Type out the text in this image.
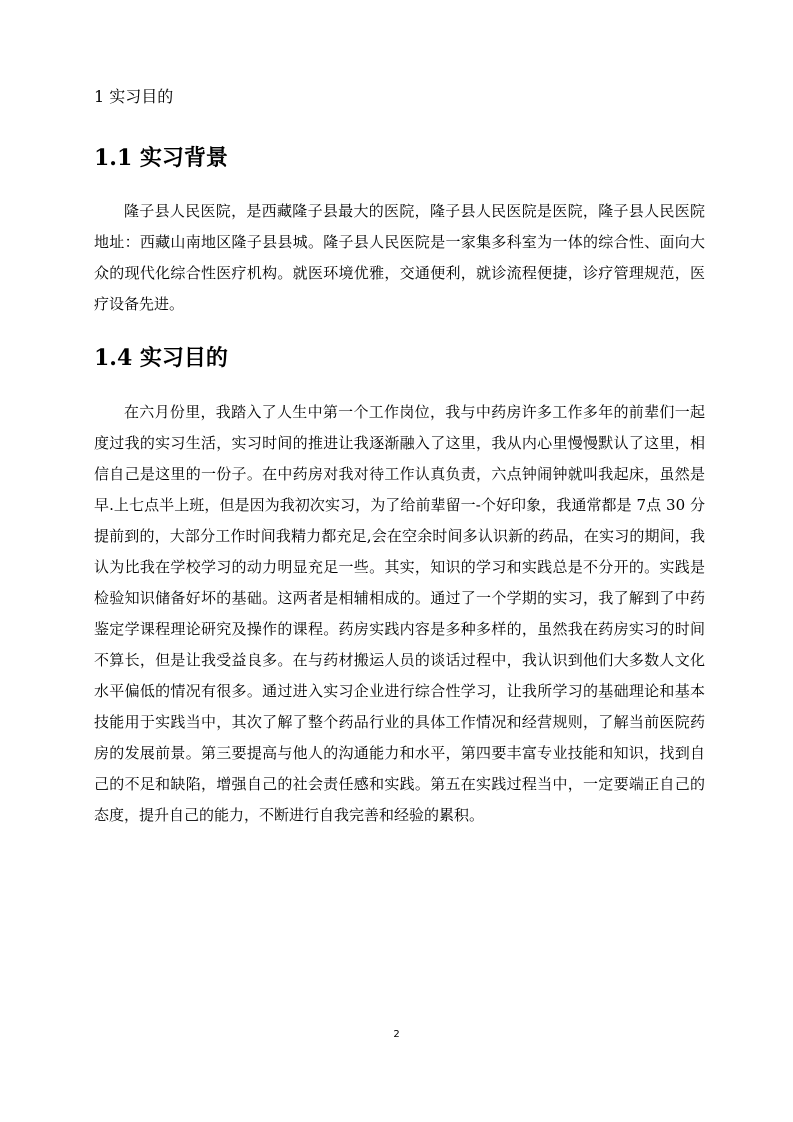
1 实习目的
1.1 实习背景

隆子县人民医院，是西藏隆子县最大的医院，隆子县人民医院是医院，隆子县人民医院地址：西藏山南地区隆子县县城。隆子县人民医院是一家集多科室为一体的综合性、面向大众的现代化综合性医疗机构。就医环境优雅，交通便利，就诊流程便捷，诊疗管理规范，医疗设备先进。

1.4 实习目的

在六月份里，我踏入了人生中第一个工作岗位，我与中药房许多工作多年的前辈们一起度过我的实习生活，实习时间的推进让我逐渐融入了这里，我从内心里慢慢默认了这里，相信自己是这里的一份子。在中药房对我对待工作认真负责，六点钟闹钟就叫我起床，虽然是早.上七点半上班，但是因为我初次实习，为了给前辈留一-个好印象，我通常都是 7点 30 分提前到的，大部分工作时间我精力都充足,会在空余时间多认识新的药品，在实习的期间，我认为比我在学校学习的动力明显充足一些。其实，知识的学习和实践总是不分开的。实践是检验知识储备好坏的基础。这两者是相辅相成的。通过了一个学期的实习，我了解到了中药鉴定学课程理论研究及操作的课程。药房实践内容是多种多样的，虽然我在药房实习的时间不算长，但是让我受益良多。在与药材搬运人员的谈话过程中，我认识到他们大多数人文化水平偏低的情况有很多。通过进入实习企业进行综合性学习，让我所学习的基础理论和基本技能用于实践当中，其次了解了整个药品行业的具体工作情况和经营规则，了解当前医院药房的发展前景。第三要提高与他人的沟通能力和水平，第四要丰富专业技能和知识，找到自己的不足和缺陷，增强自己的社会责任感和实践。第五在实践过程当中，一定要端正自己的态度，提升自己的能力，不断进行自我完善和经验的累积。

2
